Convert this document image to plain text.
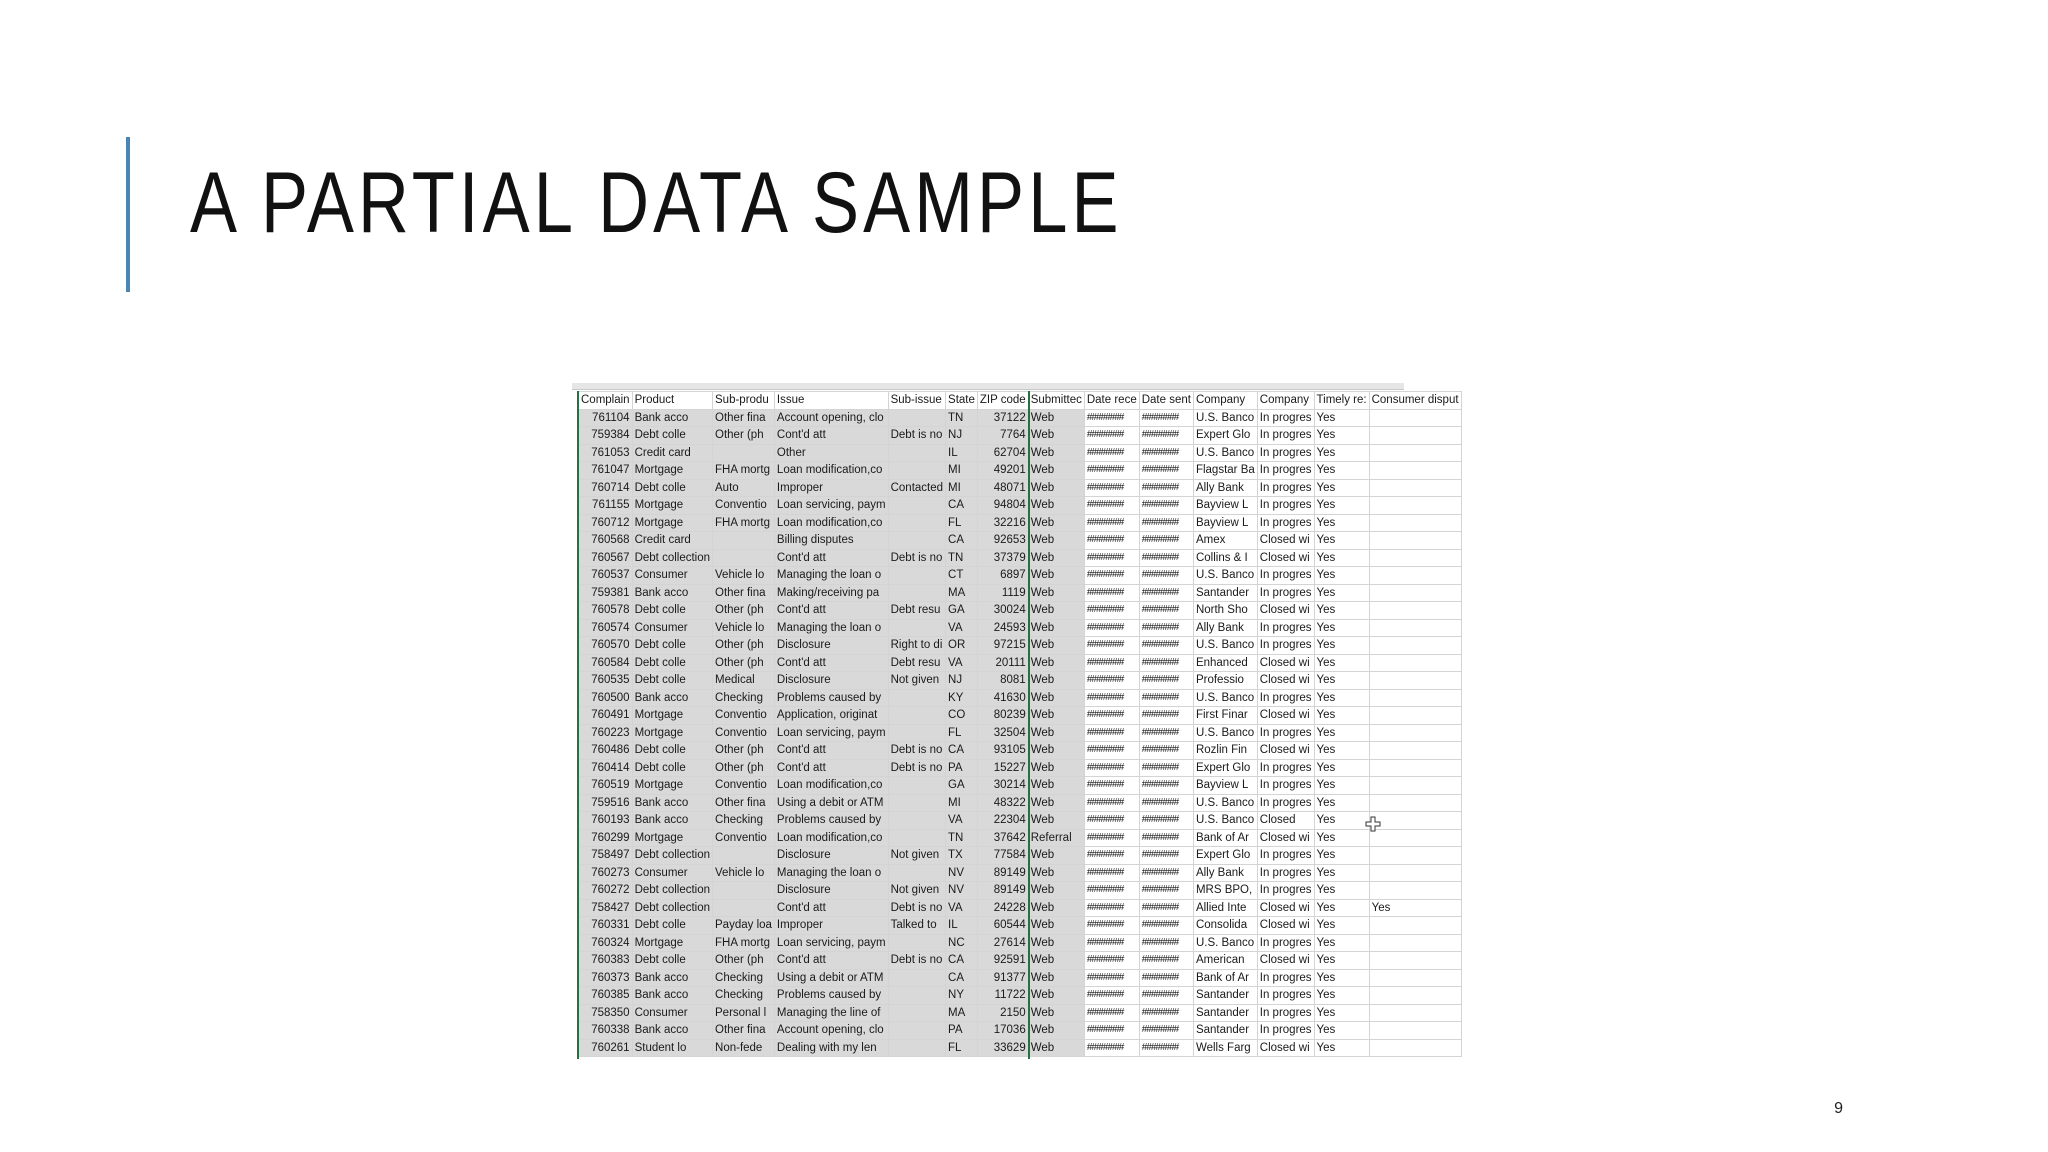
A PARTIAL DATA SAMPLE
Complain	Product	Sub-produ	Issue	Sub-issue	State	ZIP code	Submittec	Date rece	Date sent	Company	Company	Timely re:	Consumer disput
761104	Bank acco	Other fina	Account opening, clo		TN	37122	Web	########	########	U.S. Banco	In progres	Yes	
759384	Debt colle	Other (ph	Cont'd att	Debt is no	NJ	7764	Web	########	########	Expert Glo	In progres	Yes	
761053	Credit card		Other		IL	62704	Web	########	########	U.S. Banco	In progres	Yes	
761047	Mortgage	FHA mortg	Loan modification,co		MI	49201	Web	########	########	Flagstar Ba	In progres	Yes	
760714	Debt colle	Auto	Improper	Contacted	MI	48071	Web	########	########	Ally Bank	In progres	Yes	
761155	Mortgage	Conventio	Loan servicing, paym		CA	94804	Web	########	########	Bayview L	In progres	Yes	
760712	Mortgage	FHA mortg	Loan modification,co		FL	32216	Web	########	########	Bayview L	In progres	Yes	
760568	Credit card		Billing disputes		CA	92653	Web	########	########	Amex	Closed wi	Yes	
760567	Debt collection		Cont'd att	Debt is no	TN	37379	Web	########	########	Collins & I	Closed wi	Yes	
760537	Consumer	Vehicle lo	Managing the loan o		CT	6897	Web	########	########	U.S. Banco	In progres	Yes	
759381	Bank acco	Other fina	Making/receiving pa		MA	1119	Web	########	########	Santander	In progres	Yes	
760578	Debt colle	Other (ph	Cont'd att	Debt resu	GA	30024	Web	########	########	North Sho	Closed wi	Yes	
760574	Consumer	Vehicle lo	Managing the loan o		VA	24593	Web	########	########	Ally Bank	In progres	Yes	
760570	Debt colle	Other (ph	Disclosure	Right to di	OR	97215	Web	########	########	U.S. Banco	In progres	Yes	
760584	Debt colle	Other (ph	Cont'd att	Debt resu	VA	20111	Web	########	########	Enhanced	Closed wi	Yes	
760535	Debt colle	Medical	Disclosure	Not given	NJ	8081	Web	########	########	Professio	Closed wi	Yes	
760500	Bank acco	Checking	Problems caused by		KY	41630	Web	########	########	U.S. Banco	In progres	Yes	
760491	Mortgage	Conventio	Application, originat		CO	80239	Web	########	########	First Finar	Closed wi	Yes	
760223	Mortgage	Conventio	Loan servicing, paym		FL	32504	Web	########	########	U.S. Banco	In progres	Yes	
760486	Debt colle	Other (ph	Cont'd att	Debt is no	CA	93105	Web	########	########	Rozlin Fin	Closed wi	Yes	
760414	Debt colle	Other (ph	Cont'd att	Debt is no	PA	15227	Web	########	########	Expert Glo	In progres	Yes	
760519	Mortgage	Conventio	Loan modification,co		GA	30214	Web	########	########	Bayview L	In progres	Yes	
759516	Bank acco	Other fina	Using a debit or ATM		MI	48322	Web	########	########	U.S. Banco	In progres	Yes	
760193	Bank acco	Checking	Problems caused by		VA	22304	Web	########	########	U.S. Banco	Closed	Yes	
760299	Mortgage	Conventio	Loan modification,co		TN	37642	Referral	########	########	Bank of Ar	Closed wi	Yes	
758497	Debt collection		Disclosure	Not given	TX	77584	Web	########	########	Expert Glo	In progres	Yes	
760273	Consumer	Vehicle lo	Managing the loan o		NV	89149	Web	########	########	Ally Bank	In progres	Yes	
760272	Debt collection		Disclosure	Not given	NV	89149	Web	########	########	MRS BPO,	In progres	Yes	
758427	Debt collection		Cont'd att	Debt is no	VA	24228	Web	########	########	Allied Inte	Closed wi	Yes	Yes
760331	Debt colle	Payday loa	Improper	Talked to	IL	60544	Web	########	########	Consolida	Closed wi	Yes	
760324	Mortgage	FHA mortg	Loan servicing, paym		NC	27614	Web	########	########	U.S. Banco	In progres	Yes	
760383	Debt colle	Other (ph	Cont'd att	Debt is no	CA	92591	Web	########	########	American	Closed wi	Yes	
760373	Bank acco	Checking	Using a debit or ATM		CA	91377	Web	########	########	Bank of Ar	In progres	Yes	
760385	Bank acco	Checking	Problems caused by		NY	11722	Web	########	########	Santander	In progres	Yes	
758350	Consumer	Personal l	Managing the line of		MA	2150	Web	########	########	Santander	In progres	Yes	
760338	Bank acco	Other fina	Account opening, clo		PA	17036	Web	########	########	Santander	In progres	Yes	
760261	Student lo	Non-fede	Dealing with my len		FL	33629	Web	########	########	Wells Farg	Closed wi	Yes	
9
